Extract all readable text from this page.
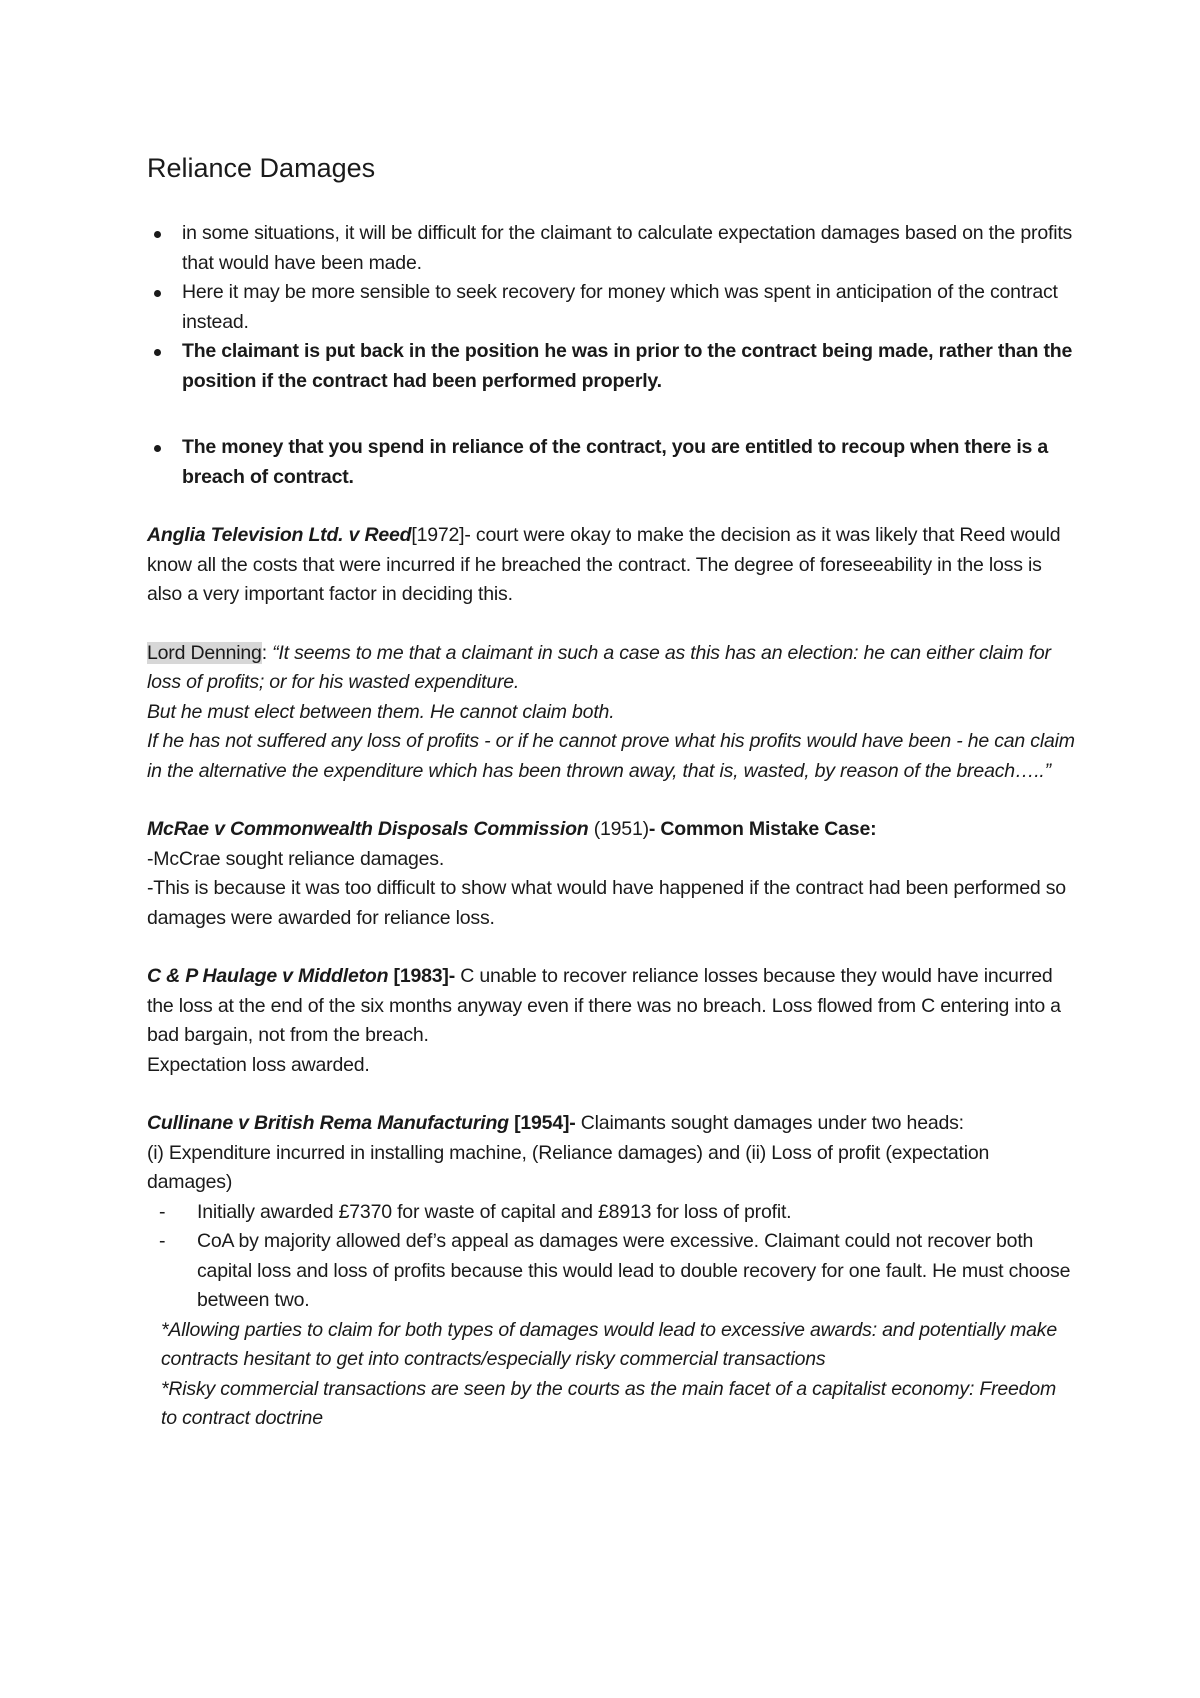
Reliance Damages
in some situations, it will be difficult for the claimant to calculate expectation damages based on the profits that would have been made.
Here it may be more sensible to seek recovery for money which was spent in anticipation of the contract instead.
The claimant is put back in the position he was in prior to the contract being made, rather than the position if the contract had been performed properly.
The money that you spend in reliance of the contract, you are entitled to recoup when there is a breach of contract.

Anglia Television Ltd. v Reed[1972]- court were okay to make the decision as it was likely that Reed would know all the costs that were incurred if he breached the contract. The degree of foreseeability in the loss is also a very important factor in deciding this.

Lord Denning: “It seems to me that a claimant in such a case as this has an election: he can either claim for loss of profits; or for his wasted expenditure.

But he must elect between them. He cannot claim both.

If he has not suffered any loss of profits - or if he cannot prove what his profits would have been - he can claim in the alternative the expenditure which has been thrown away, that is, wasted, by reason of the breach…..”

McRae v Commonwealth Disposals Commission (1951)- Common Mistake Case:

-McCrae sought reliance damages.

-This is because it was too difficult to show what would have happened if the contract had been performed so damages were awarded for reliance loss.

C & P Haulage v Middleton [1983]- C unable to recover reliance losses because they would have incurred the loss at the end of the six months anyway even if there was no breach. Loss flowed from C entering into a bad bargain, not from the breach.

Expectation loss awarded.

Cullinane v British Rema Manufacturing [1954]- Claimants sought damages under two heads:

(i) Expenditure incurred in installing machine, (Reliance damages) and (ii) Loss of profit (expectation damages)

- Initially awarded £7370 for waste of capital and £8913 for loss of profit.
- CoA by majority allowed def’s appeal as damages were excessive. Claimant could not recover both capital loss and loss of profits because this would lead to double recovery for one fault. He must choose between two.

*Allowing parties to claim for both types of damages would lead to excessive awards: and potentially make contracts hesitant to get into contracts/especially risky commercial transactions

*Risky commercial transactions are seen by the courts as the main facet of a capitalist economy: Freedom to contract doctrine
